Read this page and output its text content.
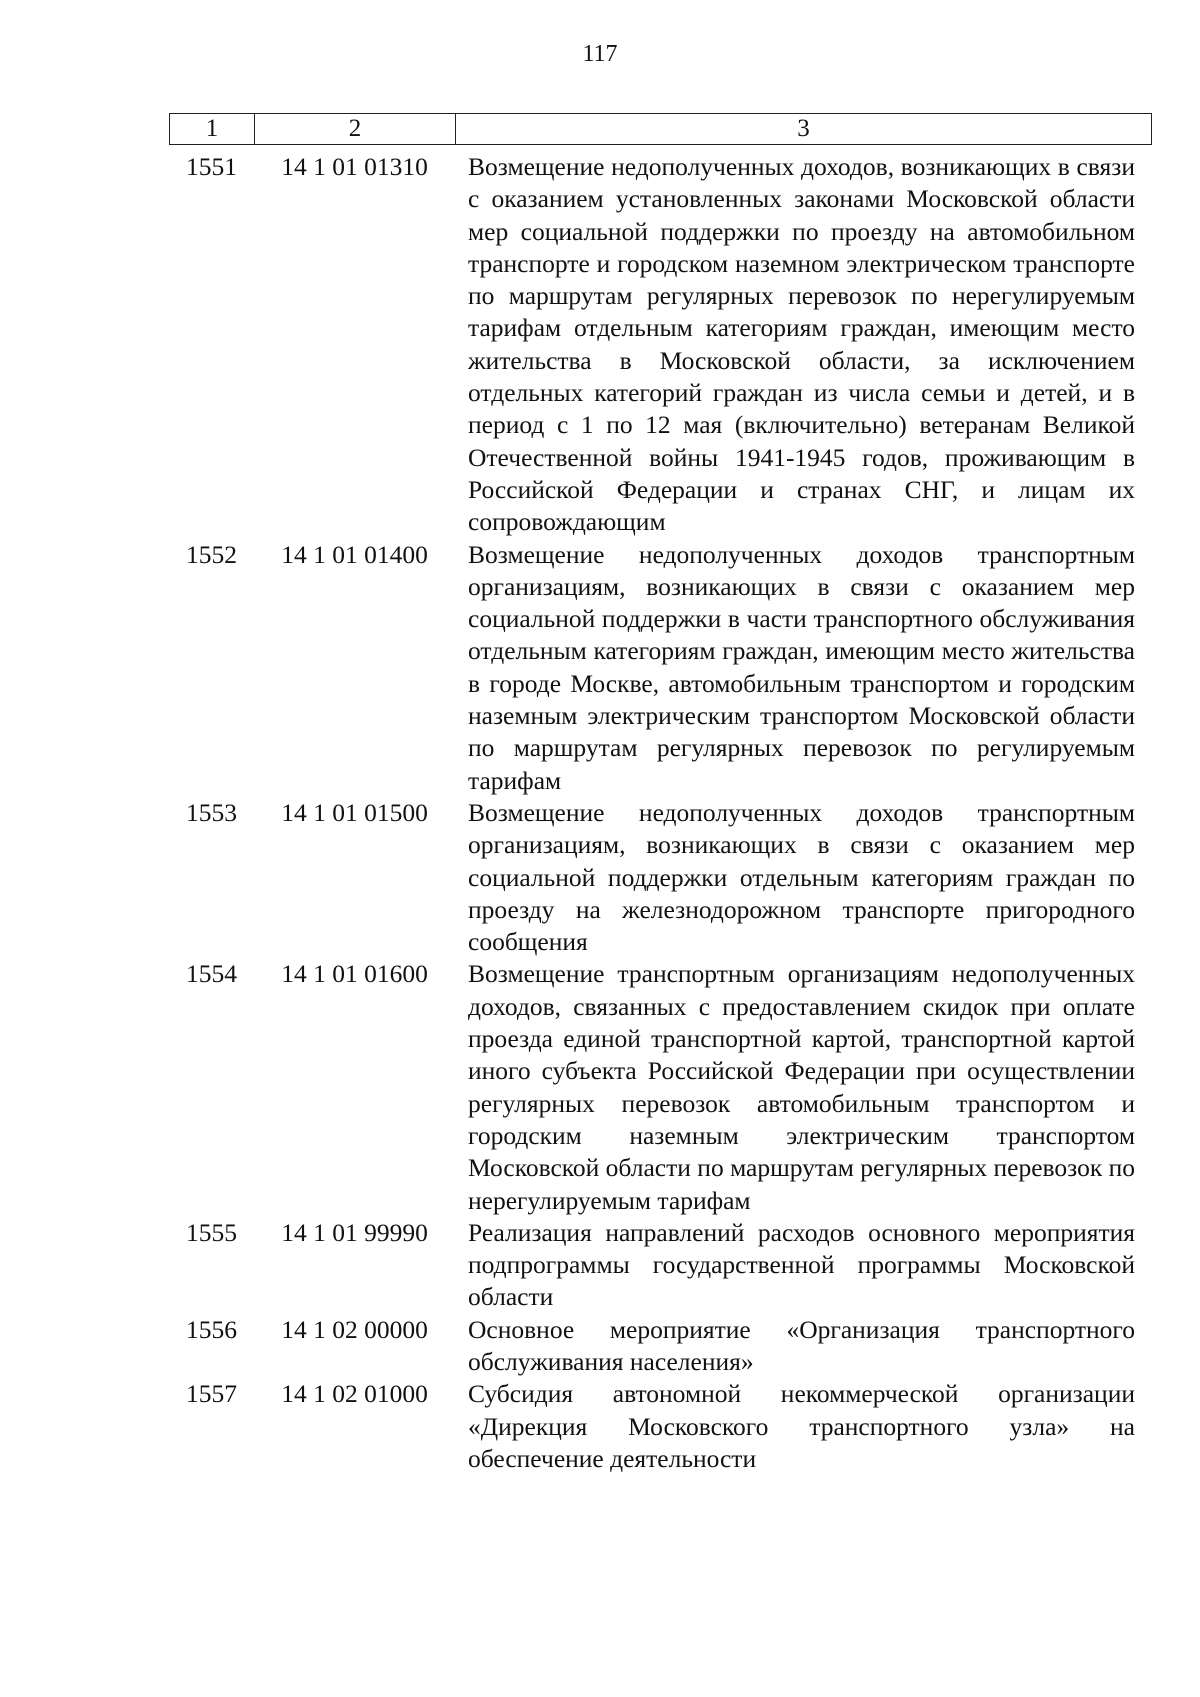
117
1	2	3
1551	14 1 01 01310	Возмещение недополученных доходов, возникающих в связи с оказанием установленных законами Московской области мер социальной поддержки по проезду на автомобильном транспорте и городском наземном электрическом транспорте по маршрутам регулярных перевозок по нерегулируемым тарифам отдельным категориям граждан, имеющим место жительства в Московской области, за исключением отдельных категорий граждан из числа семьи и детей, и в период с 1 по 12 мая (включительно) ветеранам Великой Отечественной войны 1941-1945 годов, проживающим в Российской Федерации и странах СНГ, и лицам их сопровождающим
1552	14 1 01 01400	Возмещение недополученных доходов транспортным организациям, возникающих в связи с оказанием мер социальной поддержки в части транспортного обслуживания отдельным категориям граждан, имеющим место жительства в городе Москве, автомобильным транспортом и городским наземным электрическим транспортом Московской области по маршрутам регулярных перевозок по регулируемым тарифам
1553	14 1 01 01500	Возмещение недополученных доходов транспортным организациям, возникающих в связи с оказанием мер социальной поддержки отдельным категориям граждан по проезду на железнодорожном транспорте пригородного сообщения
1554	14 1 01 01600	Возмещение транспортным организациям недополученных доходов, связанных с предоставлением скидок при оплате проезда единой транспортной картой, транспортной картой иного субъекта Российской Федерации при осуществлении регулярных перевозок автомобильным транспортом и городским наземным электрическим транспортом Московской области по маршрутам регулярных перевозок по нерегулируемым тарифам
1555	14 1 01 99990	Реализация направлений расходов основного мероприятия подпрограммы государственной программы Московской области
1556	14 1 02 00000	Основное мероприятие «Организация транспортного обслуживания населения»
1557	14 1 02 01000	Субсидия автономной некоммерческой организации «Дирекция Московского транспортного узла» на обеспечение деятельности
